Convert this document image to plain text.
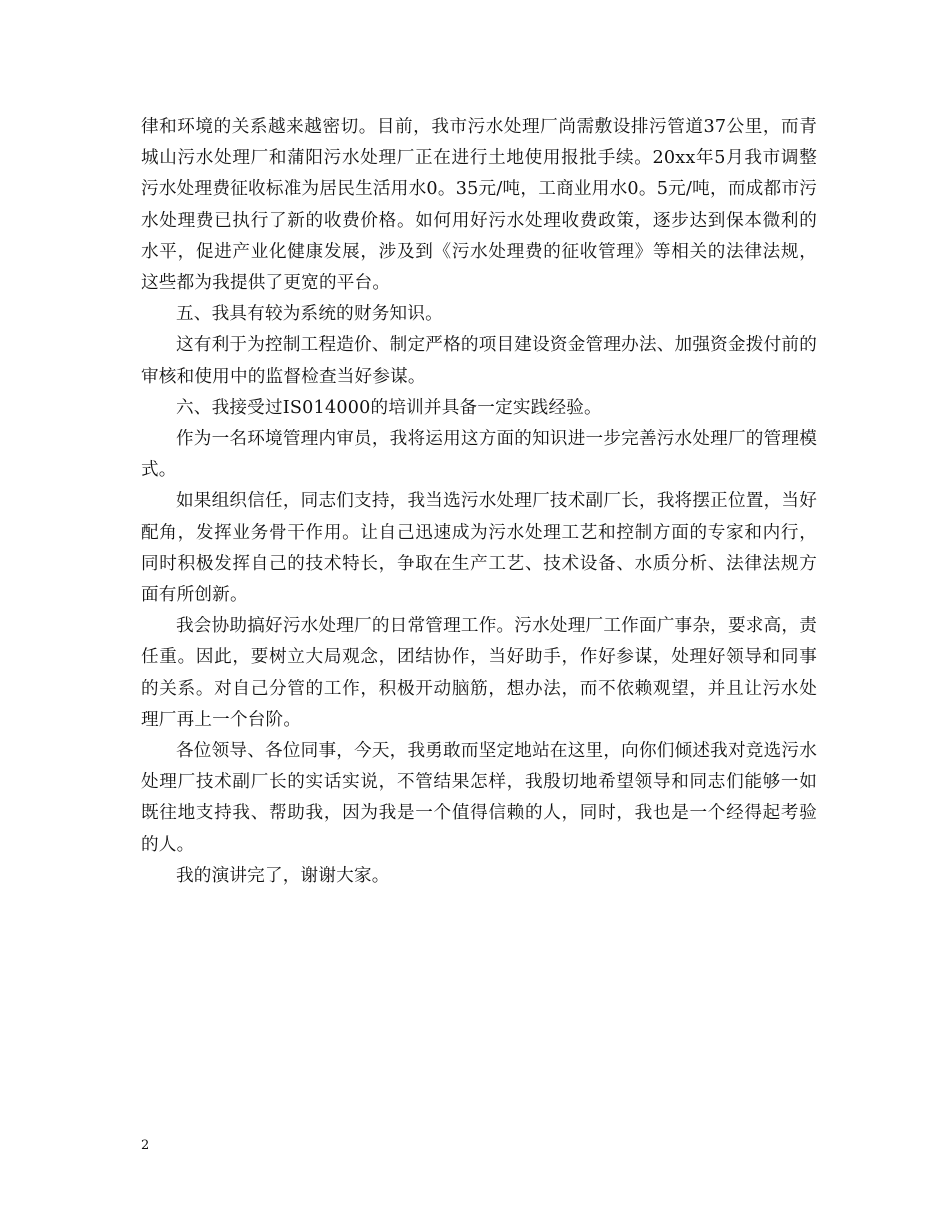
律和环境的关系越来越密切。目前，我市污水处理厂尚需敷设排污管道37公里，而青城山污水处理厂和蒲阳污水处理厂正在进行土地使用报批手续。20xx年5月我市调整污水处理费征收标准为居民生活用水0。35元/吨，工商业用水0。5元/吨，而成都市污水处理费已执行了新的收费价格。如何用好污水处理收费政策，逐步达到保本微利的水平，促进产业化健康发展，涉及到《污水处理费的征收管理》等相关的法律法规，这些都为我提供了更宽的平台。

五、我具有较为系统的财务知识。

这有利于为控制工程造价、制定严格的项目建设资金管理办法、加强资金拨付前的审核和使用中的监督检查当好参谋。

六、我接受过IS014000的培训并具备一定实践经验。

作为一名环境管理内审员，我将运用这方面的知识进一步完善污水处理厂的管理模式。

如果组织信任，同志们支持，我当选污水处理厂技术副厂长，我将摆正位置，当好配角，发挥业务骨干作用。让自己迅速成为污水处理工艺和控制方面的专家和内行，同时积极发挥自己的技术特长，争取在生产工艺、技术设备、水质分析、法律法规方面有所创新。

我会协助搞好污水处理厂的日常管理工作。污水处理厂工作面广事杂，要求高，责任重。因此，要树立大局观念，团结协作，当好助手，作好参谋，处理好领导和同事的关系。对自己分管的工作，积极开动脑筋，想办法，而不依赖观望，并且让污水处理厂再上一个台阶。

各位领导、各位同事，今天，我勇敢而坚定地站在这里，向你们倾述我对竞选污水处理厂技术副厂长的实话实说，不管结果怎样，我殷切地希望领导和同志们能够一如既往地支持我、帮助我，因为我是一个值得信赖的人，同时，我也是一个经得起考验的人。

我的演讲完了，谢谢大家。

2
